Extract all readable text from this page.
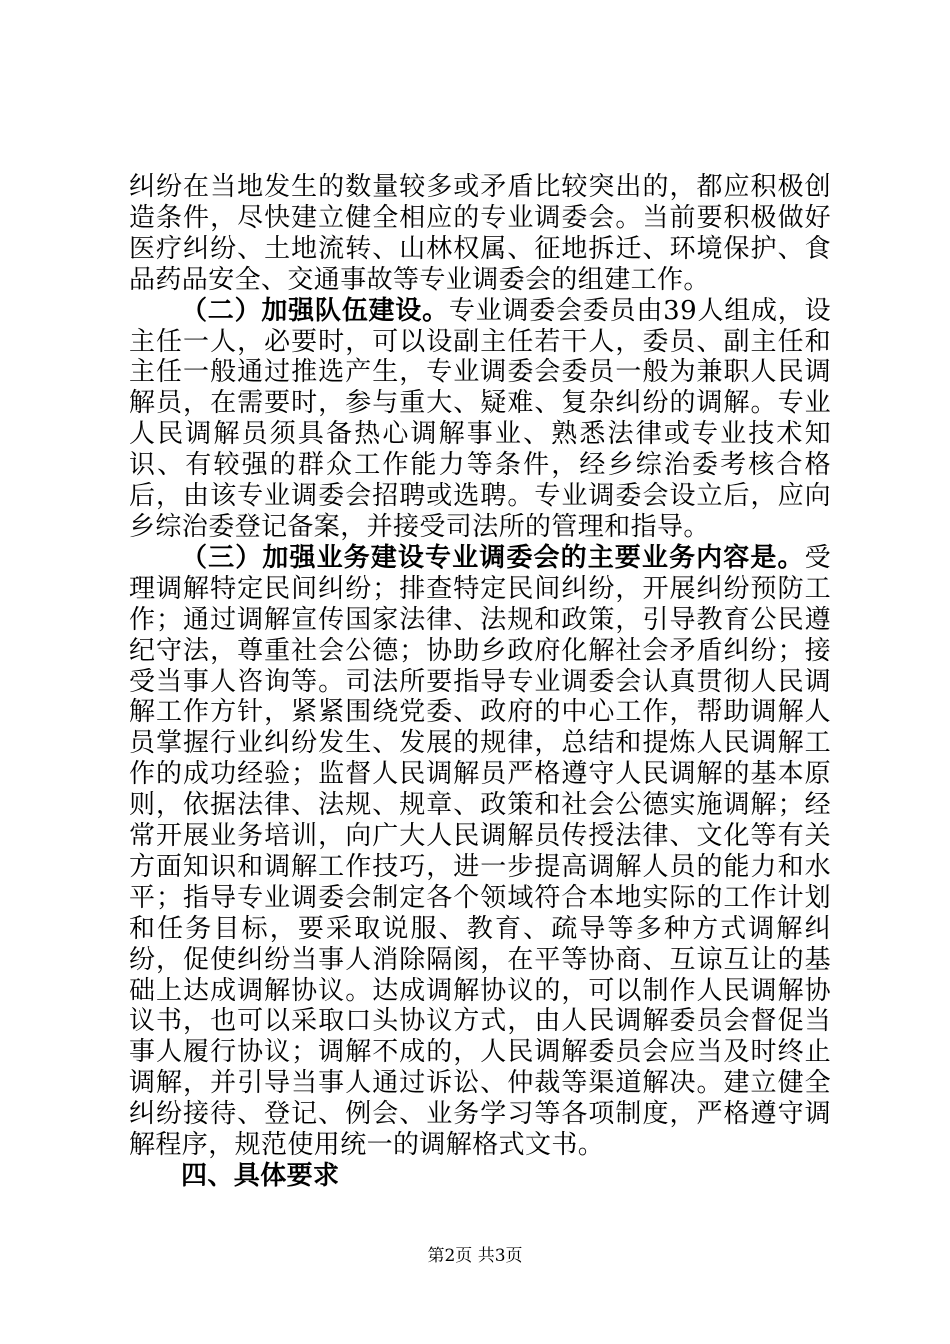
纠纷在当地发生的数量较多或矛盾比较突出的，都应积极创造条件，尽快建立健全相应的专业调委会。当前要积极做好医疗纠纷、土地流转、山林权属、征地拆迁、环境保护、食品药品安全、交通事故等专业调委会的组建工作。

（二）加强队伍建设。专业调委会委员由39人组成，设主任一人，必要时，可以设副主任若干人，委员、副主任和主任一般通过推选产生，专业调委会委员一般为兼职人民调解员，在需要时，参与重大、疑难、复杂纠纷的调解。专业人民调解员须具备热心调解事业、熟悉法律或专业技术知识、有较强的群众工作能力等条件，经乡综治委考核合格后，由该专业调委会招聘或选聘。专业调委会设立后，应向乡综治委登记备案，并接受司法所的管理和指导。

（三）加强业务建设专业调委会的主要业务内容是。受理调解特定民间纠纷；排查特定民间纠纷，开展纠纷预防工作；通过调解宣传国家法律、法规和政策，引导教育公民遵纪守法，尊重社会公德；协助乡政府化解社会矛盾纠纷；接受当事人咨询等。司法所要指导专业调委会认真贯彻人民调解工作方针，紧紧围绕党委、政府的中心工作，帮助调解人员掌握行业纠纷发生、发展的规律，总结和提炼人民调解工作的成功经验；监督人民调解员严格遵守人民调解的基本原则，依据法律、法规、规章、政策和社会公德实施调解；经常开展业务培训，向广大人民调解员传授法律、文化等有关方面知识和调解工作技巧，进一步提高调解人员的能力和水平；指导专业调委会制定各个领域符合本地实际的工作计划和任务目标，要采取说服、教育、疏导等多种方式调解纠纷，促使纠纷当事人消除隔阂，在平等协商、互谅互让的基础上达成调解协议。达成调解协议的，可以制作人民调解协议书，也可以采取口头协议方式，由人民调解委员会督促当事人履行协议；调解不成的，人民调解委员会应当及时终止调解，并引导当事人通过诉讼、仲裁等渠道解决。建立健全纠纷接待、登记、例会、业务学习等各项制度，严格遵守调解程序，规范使用统一的调解格式文书。

四、具体要求

第2页 共3页
